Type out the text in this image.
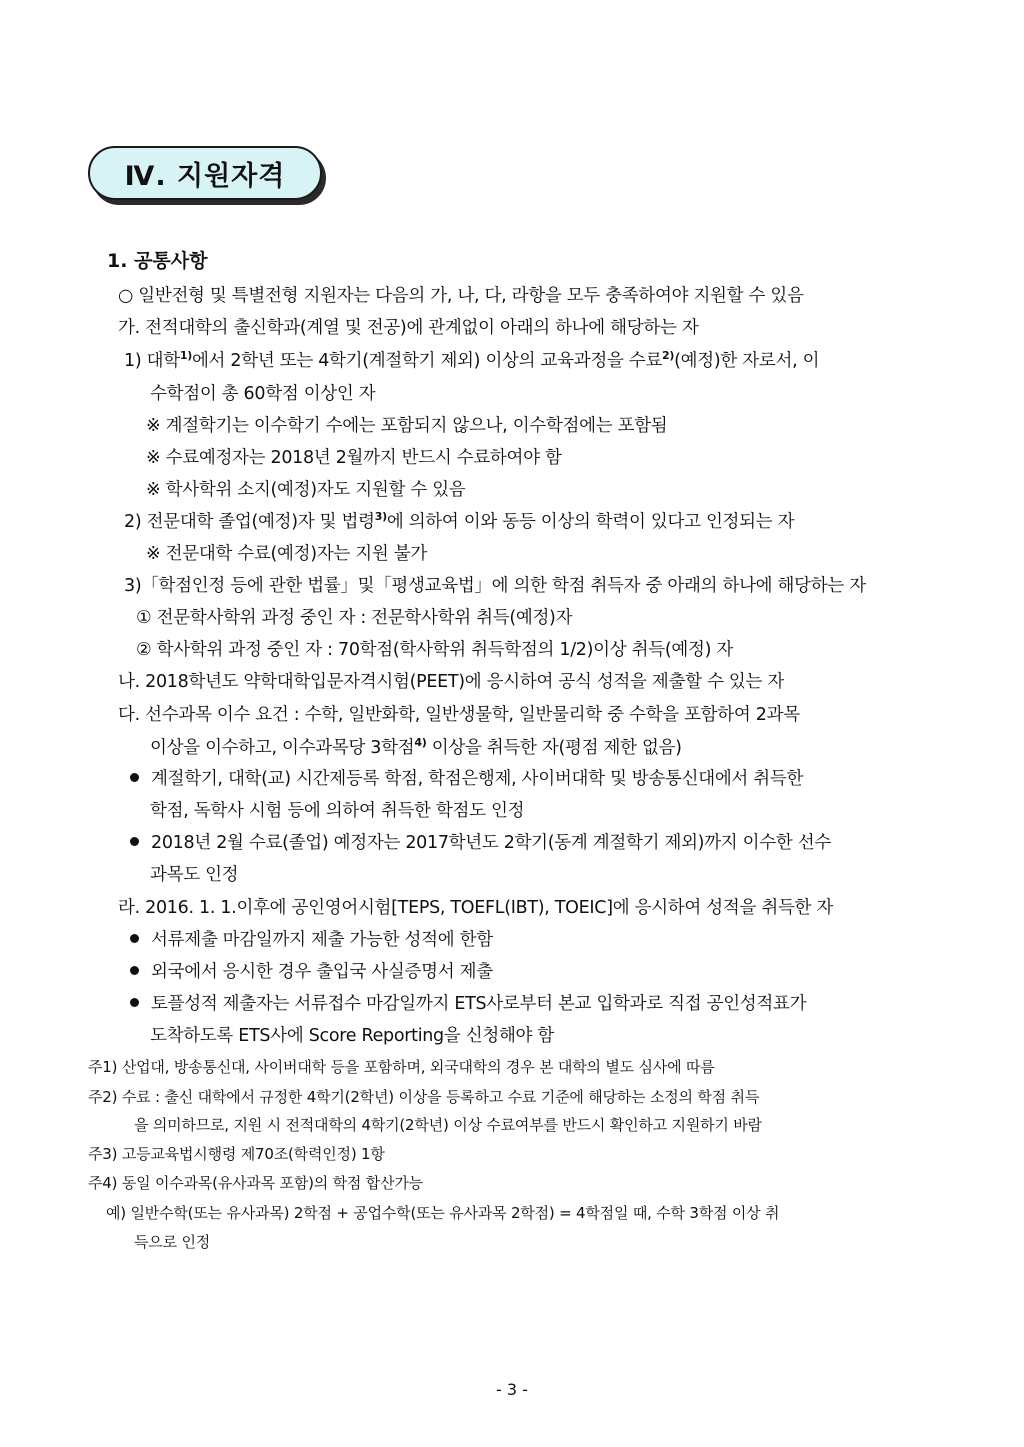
Ⅳ. 지원자격
1. 공통사항
○ 일반전형 및 특별전형 지원자는 다음의 가, 나, 다, 라항을 모두 충족하여야 지원할 수 있음
가. 전적대학의 출신학과(계열 및 전공)에 관계없이 아래의 하나에 해당하는 자
1) 대학$^{1)}$에서 2학년 또는 4학기(계절학기 제외) 이상의 교육과정을 수료$^{2)}$(예정)한 자로서, 이
수학점이 총 60학점 이상인 자
※ 계절학기는 이수학기 수에는 포함되지 않으나, 이수학점에는 포함됨
※ 수료예정자는 2018년 2월까지 반드시 수료하여야 함
※ 학사학위 소지(예정)자도 지원할 수 있음
2) 전문대학 졸업(예정)자 및 법령$^{3)}$에 의하여 이와 동등 이상의 학력이 있다고 인정되는 자
※ 전문대학 수료(예정)자는 지원 불가
3)「학점인정 등에 관한 법률」및「평생교육법」에 의한 학점 취득자 중 아래의 하나에 해당하는 자
① 전문학사학위 과정 중인 자 : 전문학사학위 취득(예정)자
② 학사학위 과정 중인 자 : 70학점(학사학위 취득학점의 1/2)이상 취득(예정) 자
나. 2018학년도 약학대학입문자격시험(PEET)에 응시하여 공식 성적을 제출할 수 있는 자
다. 선수과목 이수 요건 : 수학, 일반화학, 일반생물학, 일반물리학 중 수학을 포함하여 2과목
이상을 이수하고, 이수과목당 3학점$^{4)}$ 이상을 취득한 자(평점 제한 없음)
계절학기, 대학(교) 시간제등록 학점, 학점은행제, 사이버대학 및 방송통신대에서 취득한
학점, 독학사 시험 등에 의하여 취득한 학점도 인정
2018년 2월 수료(졸업) 예정자는 2017학년도 2학기(동계 계절학기 제외)까지 이수한 선수
과목도 인정
라. 2016. 1. 1.이후에 공인영어시험[TEPS, TOEFL(IBT), TOEIC]에 응시하여 성적을 취득한 자
서류제출 마감일까지 제출 가능한 성적에 한함
외국에서 응시한 경우 출입국 사실증명서 제출
토플성적 제출자는 서류접수 마감일까지 ETS사로부터 본교 입학과로 직접 공인성적표가
도착하도록 ETS사에 Score Reporting을 신청해야 함
주1) 산업대, 방송통신대, 사이버대학 등을 포함하며, 외국대학의 경우 본 대학의 별도 심사에 따름
주2) 수료 : 출신 대학에서 규정한 4학기(2학년) 이상을 등록하고 수료 기준에 해당하는 소정의 학점 취득
을 의미하므로, 지원 시 전적대학의 4학기(2학년) 이상 수료여부를 반드시 확인하고 지원하기 바람
주3) 고등교육법시행령 제70조(학력인정) 1항
주4) 동일 이수과목(유사과목 포함)의 학점 합산가능
예) 일반수학(또는 유사과목) 2학점 + 공업수학(또는 유사과목 2학점) = 4학점일 때, 수학 3학점 이상 취
득으로 인정
- 3 -
